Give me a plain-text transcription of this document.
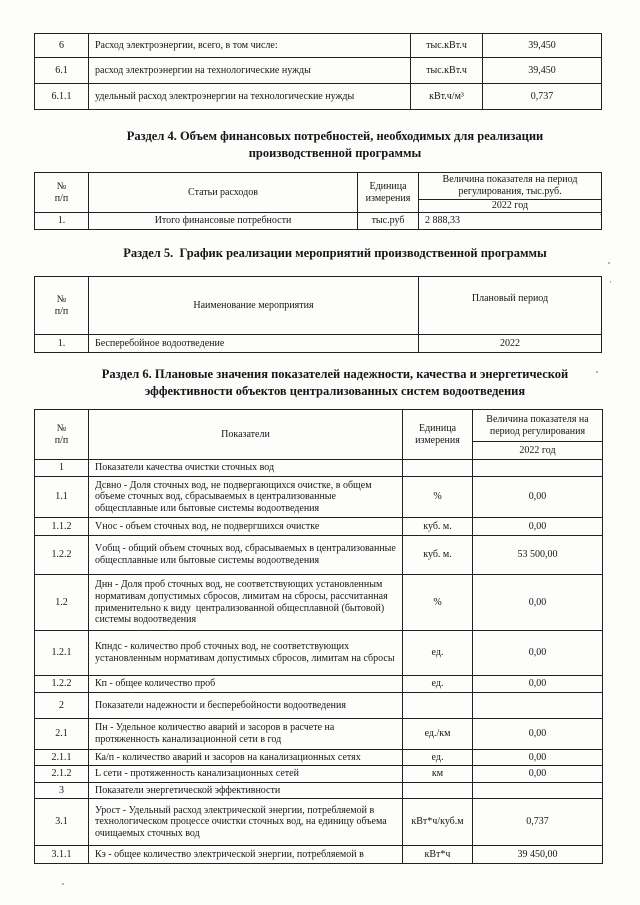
6	Расход электроэнергии, всего, в том числе:	тыс.кВт.ч	39,450
6.1	расход электроэнергии на технологические нужды	тыс.кВт.ч	39,450
6.1.1	удельный расход электроэнергии на технологические нужды	кВт.ч/м³	0,737
Раздел 4. Объем финансовых потребностей, необходимых для реализации
производственной программы
№
п/п	Статьи расходов	Единица измерения	Величина показателя на период регулирования, тыс.руб.
			2022 год
1.	Итого финансовые потребности	тыс.руб	2 888,33
Раздел 5.  График реализации мероприятий производственной программы
№
п/п	Наименование мероприятия	Плановый период
1.	Бесперебойное водоотведение	2022
Раздел 6. Плановые значения показателей надежности, качества и энергетической
эффективности объектов централизованных систем водоотведения
№
п/п	Показатели	Единица измерения	Величина показателя на период регулирования
			2022 год
1	Показатели качества очистки сточных вод		
1.1	Дсвно - Доля сточных вод, не подвергающихся очистке, в общем объеме сточных вод, сбрасываемых в централизованные общесплавные или бытовые системы водоотведения	%	0,00
1.1.2	Vнос - объем сточных вод, не подвергшихся очистке	куб. м.	0,00
1.2.2	Vобщ - общий объем сточных вод, сбрасываемых в централизованные общесплавные или бытовые системы водоотведения	куб. м.	53 500,00
1.2	Днн - Доля проб сточных вод, не соответствующих установленным нормативам допустимых сбросов, лимитам на сбросы, рассчитанная применительно к виду  централизованной общесплавной (бытовой) системы водоотведения	%	0,00
1.2.1	Кпндс - количество проб сточных вод, не соответствующих установленным нормативам допустимых сбросов, лимитам на сбросы	ед.	0,00
1.2.2	Кп - общее количество проб	ед.	0,00
2	Показатели надежности и бесперебойности водоотведения		
2.1	Пн - Удельное количество аварий и засоров в расчете на протяженность канализационной сети в год	ед./км	0,00
2.1.1	Ка/п - количество аварий и засоров на канализационных сетях	ед.	0,00
2.1.2	L сети - протяженность канализационных сетей	км	0,00
3	Показатели энергетической эффективности		
3.1	Урост - Удельный расход электрической энергии, потребляемой в технологическом процессе очистки сточных вод, на единицу объема очищаемых сточных вод	кВт*ч/куб.м	0,737
3.1.1	Кэ - общее количество электрической энергии, потребляемой в	кВт*ч	39 450,00
